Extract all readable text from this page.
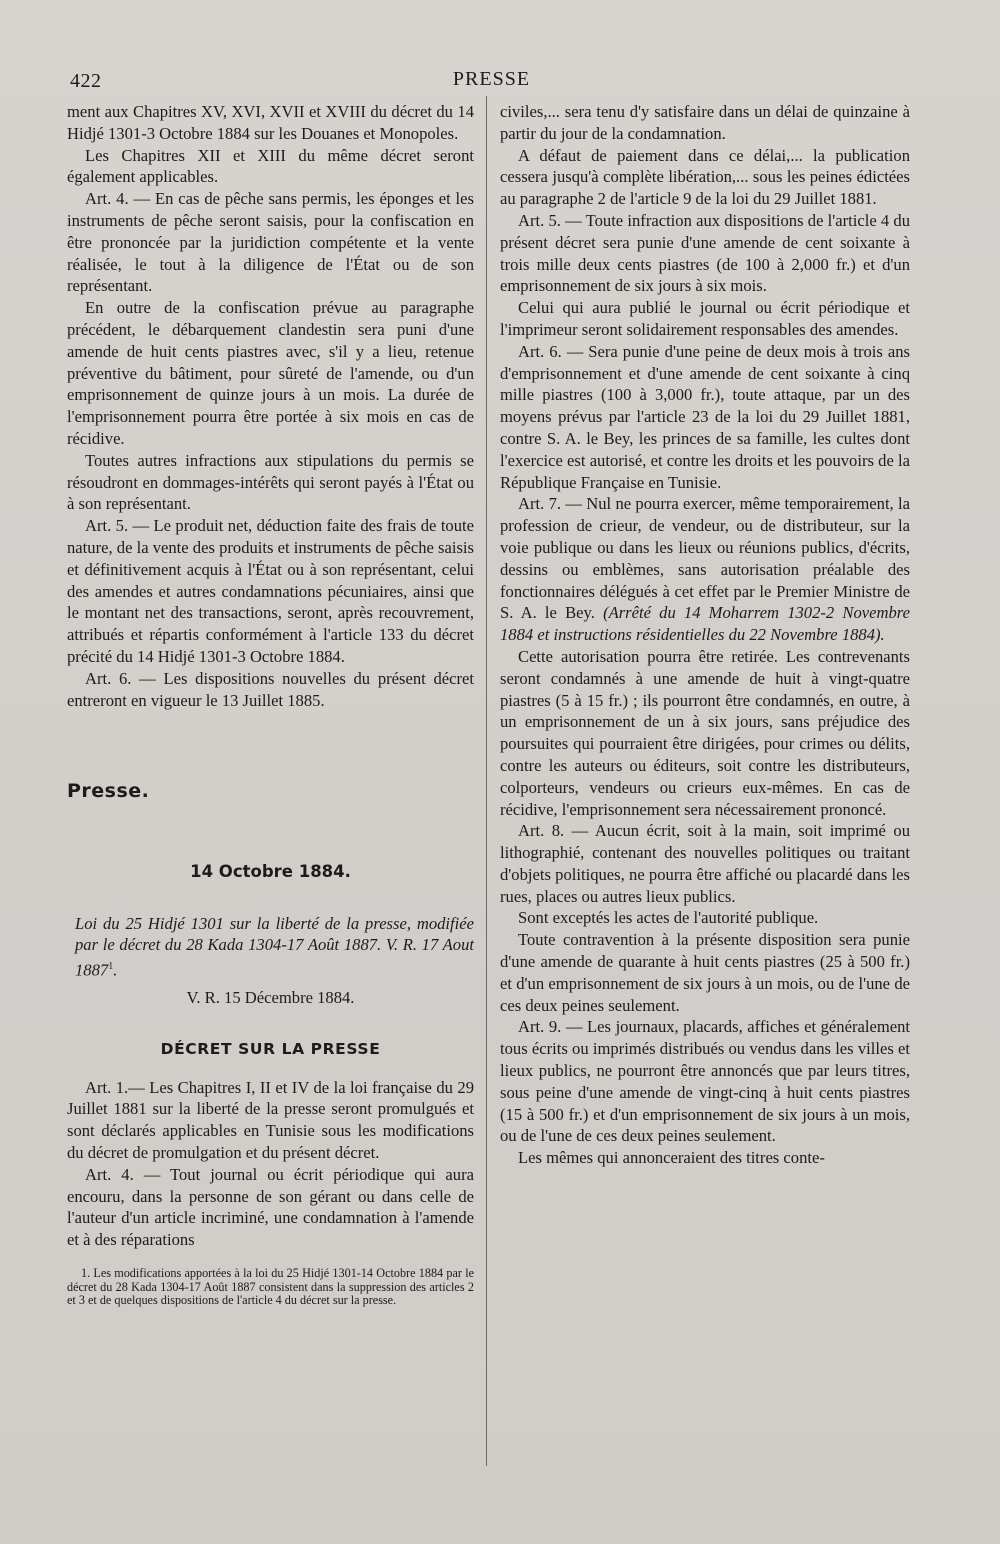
422	PRESSE

ment aux Chapitres XV, XVI, XVII et XVIII du décret du 14 Hidjé 1301-3 Octobre 1884 sur les Douanes et Monopoles.

Les Chapitres XII et XIII du même décret seront également applicables.

Art. 4. — En cas de pêche sans permis, les éponges et les instruments de pêche seront saisis, pour la confiscation en être prononcée par la juridiction compétente et la vente réalisée, le tout à la diligence de l'État ou de son représentant.

En outre de la confiscation prévue au paragraphe précédent, le débarquement clandestin sera puni d'une amende de huit cents piastres avec, s'il y a lieu, retenue préventive du bâtiment, pour sûreté de l'amende, ou d'un emprisonnement de quinze jours à un mois. La durée de l'emprisonnement pourra être portée à six mois en cas de récidive.

Toutes autres infractions aux stipulations du permis se résoudront en dommages-intérêts qui seront payés à l'État ou à son représentant.

Art. 5. — Le produit net, déduction faite des frais de toute nature, de la vente des produits et instruments de pêche saisis et définitivement acquis à l'État ou à son représentant, celui des amendes et autres condamnations pécuniaires, ainsi que le montant net des transactions, seront, après recouvrement, attribués et répartis conformément à l'article 133 du décret précité du 14 Hidjé 1301-3 Octobre 1884.

Art. 6. — Les dispositions nouvelles du présent décret entreront en vigueur le 13 Juillet 1885.

Presse.
14 Octobre 1884.

Loi du 25 Hidjé 1301 sur la liberté de la presse, modifiée par le décret du 28 Kada 1304-17 Août 1887. V. R. 17 Aout 1887$^1$.

V. R. 15 Décembre 1884.

DÉCRET SUR LA PRESSE

Art. 1.— Les Chapitres I, II et IV de la loi française du 29 Juillet 1881 sur la liberté de la presse seront promulgués et sont déclarés applicables en Tunisie sous les modifications du décret de promulgation et du présent décret.

Art. 4. — Tout journal ou écrit périodique qui aura encouru, dans la personne de son gérant ou dans celle de l'auteur d'un article incriminé, une condamnation à l'amende et à des réparations

1. Les modifications apportées à la loi du 25 Hidjé 1301-14 Octobre 1884 par le décret du 28 Kada 1304-17 Août 1887 consistent dans la suppression des articles 2 et 3 et de quelques dispositions de l'article 4 du décret sur la presse.

civiles,... sera tenu d'y satisfaire dans un délai de quinzaine à partir du jour de la condamnation.

A défaut de paiement dans ce délai,... la publication cessera jusqu'à complète libération,... sous les peines édictées au paragraphe 2 de l'article 9 de la loi du 29 Juillet 1881.

Art. 5. — Toute infraction aux dispositions de l'article 4 du présent décret sera punie d'une amende de cent soixante à trois mille deux cents piastres (de 100 à 2,000 fr.) et d'un emprisonnement de six jours à six mois.

Celui qui aura publié le journal ou écrit périodique et l'imprimeur seront solidairement responsables des amendes.

Art. 6. — Sera punie d'une peine de deux mois à trois ans d'emprisonnement et d'une amende de cent soixante à cinq mille piastres (100 à 3,000 fr.), toute attaque, par un des moyens prévus par l'article 23 de la loi du 29 Juillet 1881, contre S. A. le Bey, les princes de sa famille, les cultes dont l'exercice est autorisé, et contre les droits et les pouvoirs de la République Française en Tunisie.

Art. 7. — Nul ne pourra exercer, même temporairement, la profession de crieur, de vendeur, ou de distributeur, sur la voie publique ou dans les lieux ou réunions publics, d'écrits, dessins ou emblèmes, sans autorisation préalable des fonctionnaires délégués à cet effet par le Premier Ministre de S. A. le Bey. (Arrêté du 14 Moharrem 1302-2 Novembre 1884 et instructions résidentielles du 22 Novembre 1884).

Cette autorisation pourra être retirée. Les contrevenants seront condamnés à une amende de huit à vingt-quatre piastres (5 à 15 fr.) ; ils pourront être condamnés, en outre, à un emprisonnement de un à six jours, sans préjudice des poursuites qui pourraient être dirigées, pour crimes ou délits, contre les auteurs ou éditeurs, soit contre les distributeurs, colporteurs, vendeurs ou crieurs eux-mêmes. En cas de récidive, l'emprisonnement sera nécessairement prononcé.

Art. 8. — Aucun écrit, soit à la main, soit imprimé ou lithographié, contenant des nouvelles politiques ou traitant d'objets politiques, ne pourra être affiché ou placardé dans les rues, places ou autres lieux publics.

Sont exceptés les actes de l'autorité publique.

Toute contravention à la présente disposition sera punie d'une amende de quarante à huit cents piastres (25 à 500 fr.) et d'un emprisonnement de six jours à un mois, ou de l'une de ces deux peines seulement.

Art. 9. — Les journaux, placards, affiches et généralement tous écrits ou imprimés distribués ou vendus dans les villes et lieux publics, ne pourront être annoncés que par leurs titres, sous peine d'une amende de vingt-cinq à huit cents piastres (15 à 500 fr.) et d'un emprisonnement de six jours à un mois, ou de l'une de ces deux peines seulement.

Les mêmes qui annonceraient des titres conte-
